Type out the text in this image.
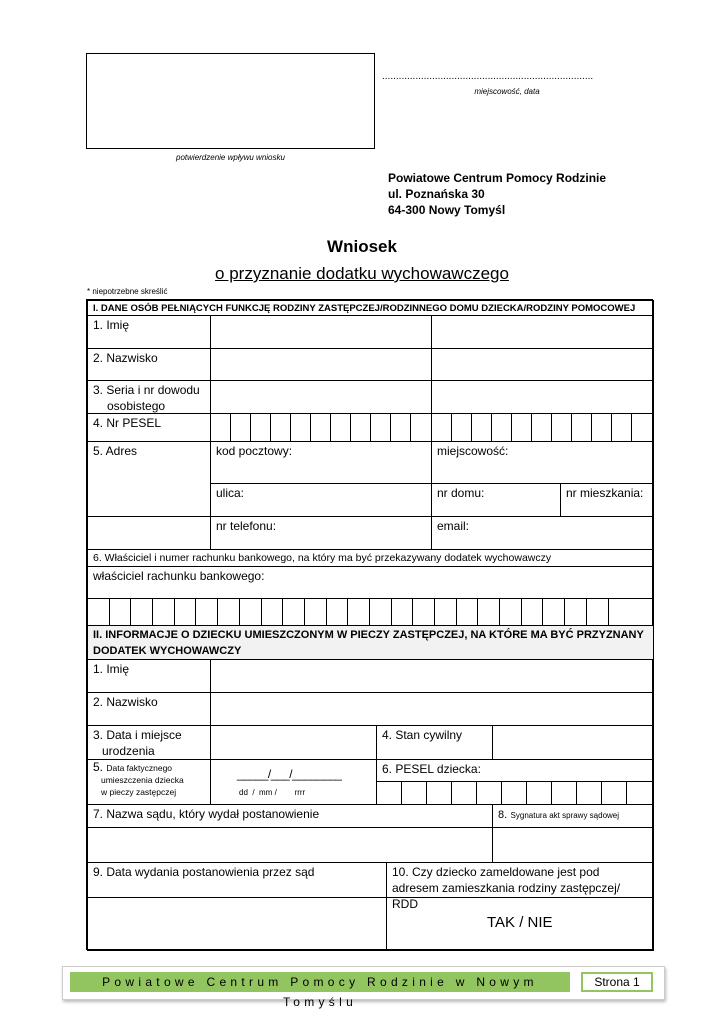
potwierdzenie wpływu wniosku
............................................................................
miejscowość, data
Powiatowe Centrum Pomocy Rodzinie
ul. Poznańska 30
64-300 Nowy Tomyśl
Wniosek
o przyznanie dodatku wychowawczego
* niepotrzebne skreślić
I. DANE OSÓB PEŁNIĄCYCH FUNKCJĘ RODZINY ZASTĘPCZEJ/RODZINNEGO DOMU DZIECKA/RODZINY POMOCOWEJ
1. Imię
2. Nazwisko
3. Seria i nr dowodu
osobistego
4. Nr PESEL
5. Adres	kod pocztowy:	miejscowość:
ulica:	nr domu:	nr mieszkania:
nr telefonu:	email:
6. Właściciel i numer rachunku bankowego, na który ma być przekazywany dodatek wychowawczy
właściciel rachunku bankowego:
II. INFORMACJE O DZIECKU UMIESZCZONYM W PIECZY ZASTĘPCZEJ, NA KTÓRE MA BYĆ PRZYZNANY DODATEK WYCHOWAWCZY
1. Imię
2. Nazwisko
3. Data i miejsce
urodzenia
4. Stan cywilny
5. Data faktycznego
umieszczenia dziecka
w pieczy zastępczej
_____/___/________
dd  /  mm /        rrrr
6. PESEL dziecka:
7. Nazwa sądu, który wydał postanowienie	8. Sygnatura akt sprawy sądowej
9. Data wydania postanowienia przez sąd	10. Czy dziecko zameldowane jest pod adresem zamieszkania rodziny zastępczej/ RDD
TAK / NIE
Powiatowe Centrum Pomocy Rodzinie w Nowym Tomyślu
Strona 1
